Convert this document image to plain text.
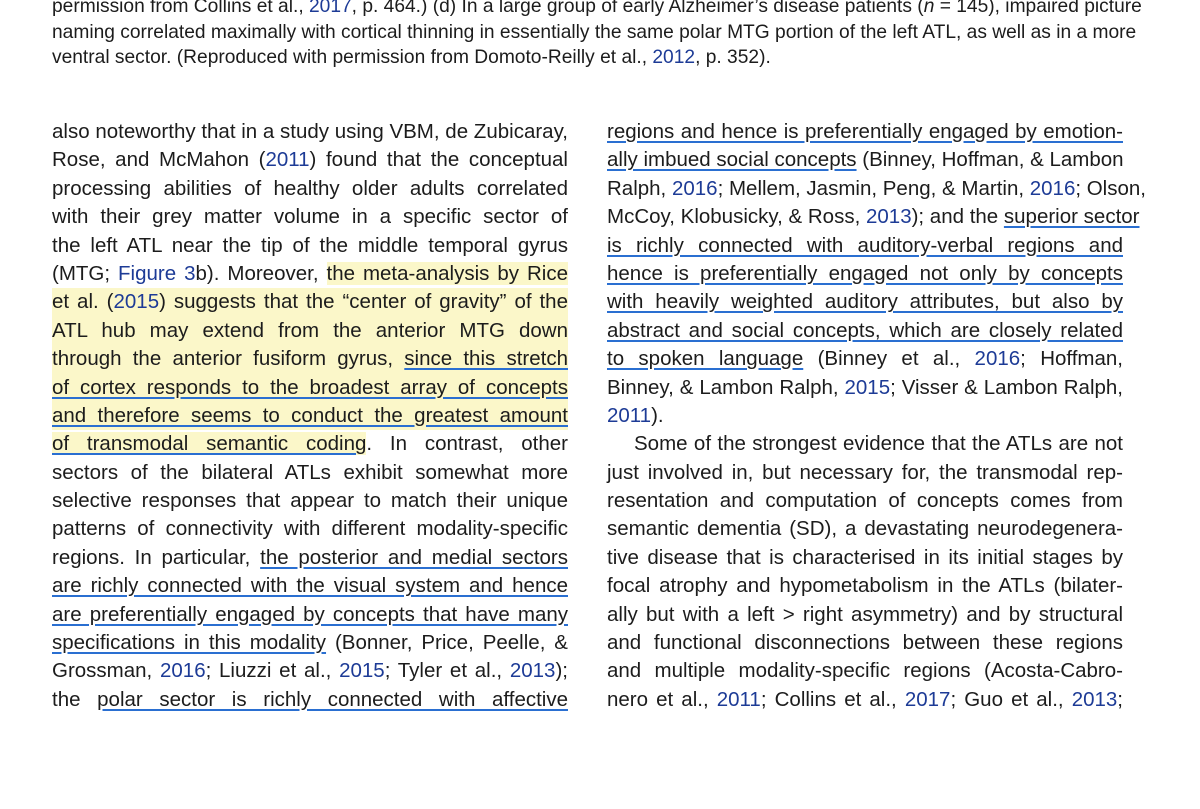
permission from Collins et al., 2017, p. 464.) (d) In a large group of early Alzheimer’s disease patients (n = 145), impaired picture
naming correlated maximally with cortical thinning in essentially the same polar MTG portion of the left ATL, as well as in a more
ventral sector. (Reproduced with permission from Domoto-Reilly et al., 2012, p. 352).
also noteworthy that in a study using VBM, de Zubicaray,
Rose, and McMahon (2011) found that the conceptual
processing abilities of healthy older adults correlated
with their grey matter volume in a specific sector of
the left ATL near the tip of the middle temporal gyrus
(MTG; Figure 3b). Moreover, the meta-analysis by Rice
et al. (2015) suggests that the “center of gravity” of the
ATL hub may extend from the anterior MTG down
through the anterior fusiform gyrus, since this stretch
of cortex responds to the broadest array of concepts
and therefore seems to conduct the greatest amount
of transmodal semantic coding. In contrast, other
sectors of the bilateral ATLs exhibit somewhat more
selective responses that appear to match their unique
patterns of connectivity with different modality-specific
regions. In particular, the posterior and medial sectors
are richly connected with the visual system and hence
are preferentially engaged by concepts that have many
specifications in this modality (Bonner, Price, Peelle, &
Grossman, 2016; Liuzzi et al., 2015; Tyler et al., 2013);
the polar sector is richly connected with affective
regions and hence is preferentially engaged by emotion-
ally imbued social concepts (Binney, Hoffman, & Lambon
Ralph, 2016; Mellem, Jasmin, Peng, & Martin, 2016; Olson,
McCoy, Klobusicky, & Ross, 2013); and the superior sector
is richly connected with auditory-verbal regions and
hence is preferentially engaged not only by concepts
with heavily weighted auditory attributes, but also by
abstract and social concepts, which are closely related
to spoken language (Binney et al., 2016; Hoffman,
Binney, & Lambon Ralph, 2015; Visser & Lambon Ralph,
2011).
Some of the strongest evidence that the ATLs are not
just involved in, but necessary for, the transmodal rep-
resentation and computation of concepts comes from
semantic dementia (SD), a devastating neurodegenera-
tive disease that is characterised in its initial stages by
focal atrophy and hypometabolism in the ATLs (bilater-
ally but with a left > right asymmetry) and by structural
and functional disconnections between these regions
and multiple modality-specific regions (Acosta-Cabro-
nero et al., 2011; Collins et al., 2017; Guo et al., 2013;
